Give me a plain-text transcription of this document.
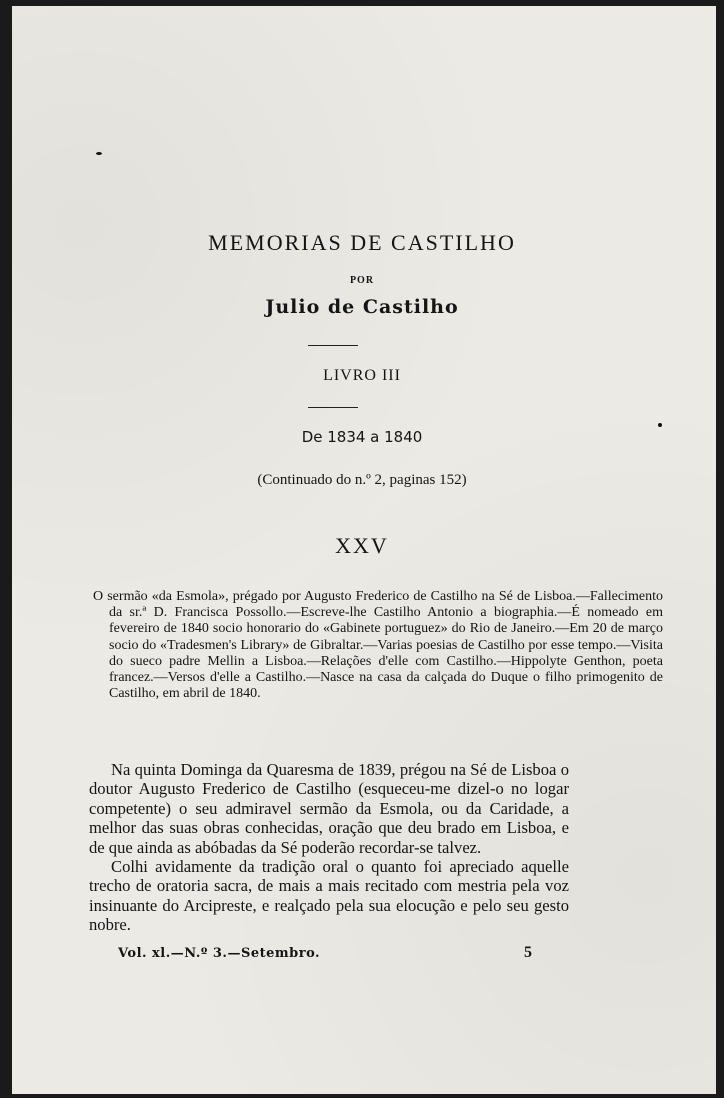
MEMORIAS DE CASTILHO
POR
Julio de Castilho
LIVRO III
De 1834 a 1840
(Continuado do n.º 2, paginas 152)
XXV
O sermão «da Esmola», prégado por Augusto Frederico de Castilho na Sé de Lisboa.—Fallecimento da sr.ª D. Francisca Possollo.—Escreve-lhe Castilho Antonio a biographia.—É nomeado em fevereiro de 1840 socio honorario do «Gabinete portuguez» do Rio de Janeiro.—Em 20 de março socio do «Tradesmen's Library» de Gibraltar.—Varias poesias de Castilho por esse tempo.—Visita do sueco padre Mellin a Lisboa.—Relações d'elle com Castilho.—Hippolyte Genthon, poeta francez.—Versos d'elle a Castilho.—Nasce na casa da calçada do Duque o filho primogenito de Castilho, em abril de 1840.

Na quinta Dominga da Quaresma de 1839, prégou na Sé de Lisboa o doutor Augusto Frederico de Castilho (esqueceu-me dizel-o no logar competente) o seu admiravel sermão da Esmola, ou da Caridade, a melhor das suas obras conhecidas, oração que deu brado em Lisboa, e de que ainda as abóbadas da Sé poderão recordar-se talvez.

Colhi avidamente da tradição oral o quanto foi apreciado aquelle trecho de oratoria sacra, de mais a mais recitado com mestria pela voz insinuante do Arcipreste, e realçado pela sua elocução e pelo seu gesto nobre.

Vol. xl.—N.º 3.—Setembro.	5
